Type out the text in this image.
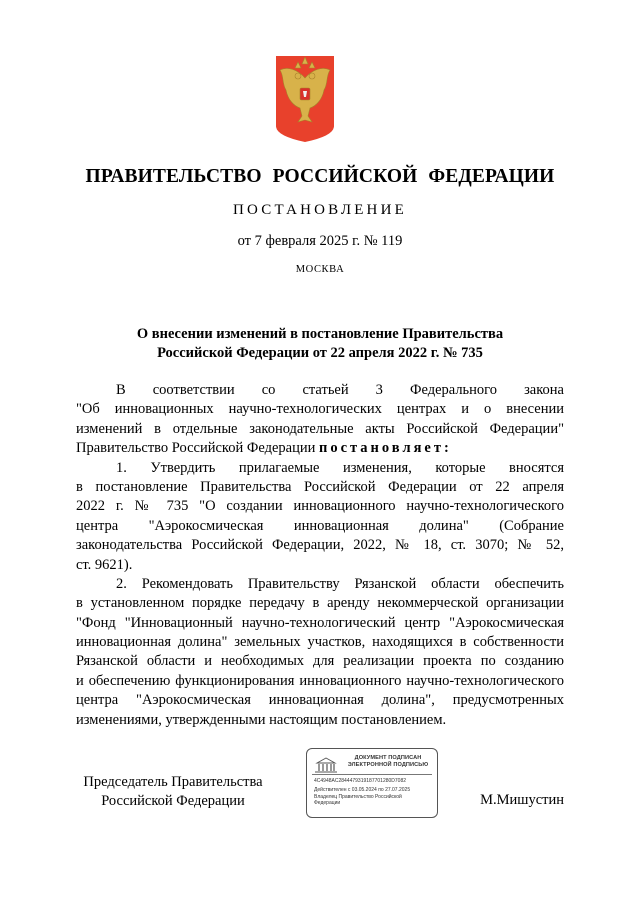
ПРАВИТЕЛЬСТВО РОССИЙСКОЙ ФЕДЕРАЦИИ
ПОСТАНОВЛЕНИЕ
от 7 февраля 2025 г. № 119
МОСКВА
О внесении изменений в постановление Правительства
Российской Федерации от 22 апреля 2022 г. № 735
В соответствии со статьей 3 Федерального закона
"Об инновационных научно-технологических центрах и о внесении
изменений в отдельные законодательные акты Российской Федерации"
Правительство Российской Федерации постановляет:
1. Утвердить прилагаемые изменения, которые вносятся
в постановление Правительства Российской Федерации от 22 апреля
2022 г. № 735 "О создании инновационного научно-технологического
центра "Аэрокосмическая инновационная долина" (Собрание
законодательства Российской Федерации, 2022, № 18, ст. 3070; № 52,
ст. 9621).
2. Рекомендовать Правительству Рязанской области обеспечить
в установленном порядке передачу в аренду некоммерческой организации
"Фонд "Инновационный научно-технологический центр "Аэрокосмическая
инновационная долина" земельных участков, находящихся в собственности
Рязанской области и необходимых для реализации проекта по созданию
и обеспечению функционирования инновационного научно-технологического
центра "Аэрокосмическая инновационная долина", предусмотренных
изменениями, утвержденными настоящим постановлением.
Председатель Правительства
Российской Федерации
ДОКУМЕНТ ПОДПИСАН
ЭЛЕКТРОННОЙ ПОДПИСЬЮ
4C4948AC2844479319187701280D7082
Действителен с 03.05.2024 по 27.07.2025
Владелец Правительство Российской
Федерации	М.Мишустин
